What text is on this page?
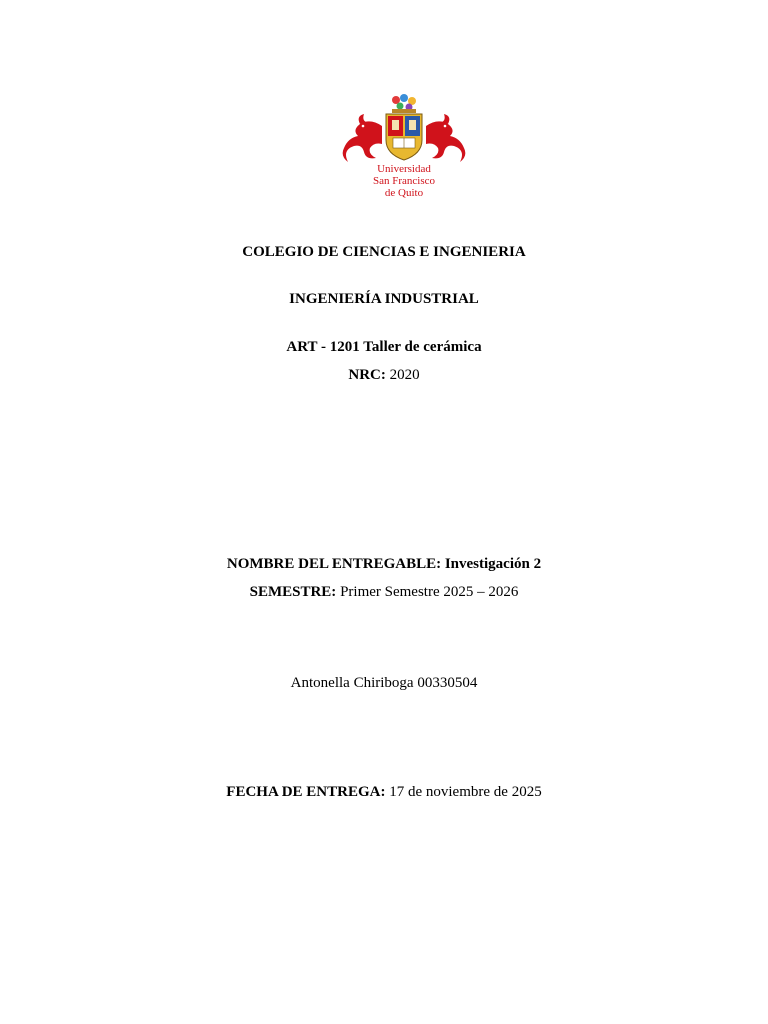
Universidad
San Francisco
de Quito
COLEGIO DE CIENCIAS E INGENIERIA
INGENIERÍA INDUSTRIAL
ART - 1201 Taller de cerámica
NRC: 2020
NOMBRE DEL ENTREGABLE: Investigación 2
SEMESTRE: Primer Semestre 2025 – 2026
Antonella Chiriboga 00330504
FECHA DE ENTREGA: 17 de noviembre de 2025
